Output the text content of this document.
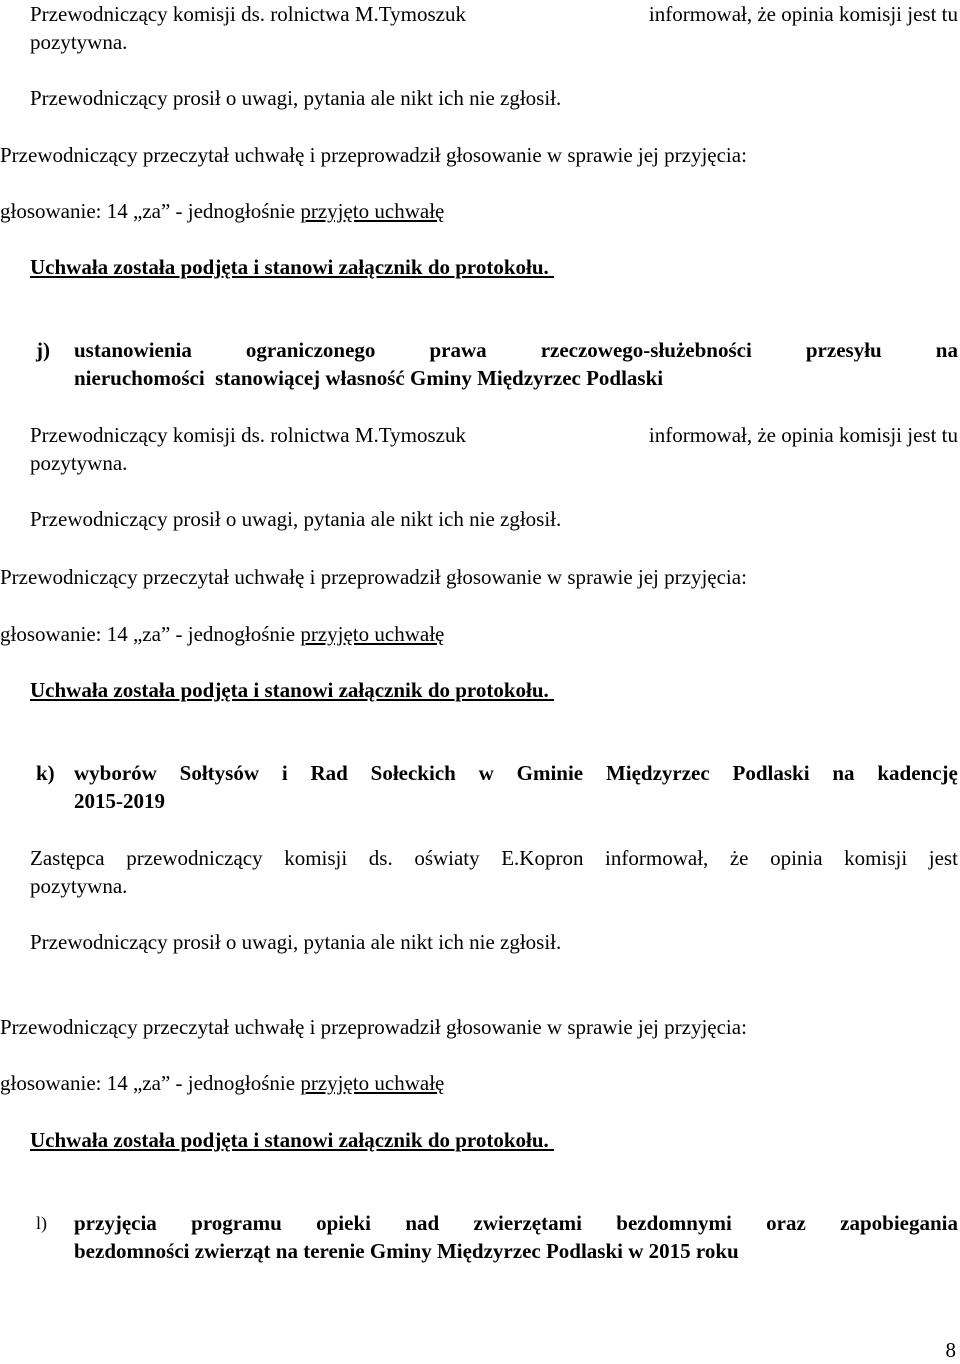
Przewodniczący komisji ds. rolnictwa M.Tymoszuk	informował, że opinia komisji jest tu
pozytywna.
Przewodniczący prosił o uwagi, pytania ale nikt ich nie zgłosił.
Przewodniczący przeczytał uchwałę i przeprowadził głosowanie w sprawie jej przyjęcia:
głosowanie: 14 „za” - jednogłośnie przyjęto uchwałę
Uchwała została podjęta i stanowi załącznik do protokołu.
j)	ustanowienia	ograniczonego	prawa	rzeczowego-służebności	przesyłu	na
nieruchomości  stanowiącej własność Gminy Międzyrzec Podlaski
Przewodniczący komisji ds. rolnictwa M.Tymoszuk	informował, że opinia komisji jest tu
pozytywna.
Przewodniczący prosił o uwagi, pytania ale nikt ich nie zgłosił.
Przewodniczący przeczytał uchwałę i przeprowadził głosowanie w sprawie jej przyjęcia:
głosowanie: 14 „za” - jednogłośnie przyjęto uchwałę
Uchwała została podjęta i stanowi załącznik do protokołu.
k) wyborów Sołtysów i Rad Sołeckich w Gminie Międzyrzec Podlaski na kadencję
2015-2019
Zastępca przewodniczący komisji ds. oświaty E.Kopron informował, że opinia komisji jest
pozytywna.
Przewodniczący prosił o uwagi, pytania ale nikt ich nie zgłosił.
Przewodniczący przeczytał uchwałę i przeprowadził głosowanie w sprawie jej przyjęcia:
głosowanie: 14 „za” - jednogłośnie przyjęto uchwałę
Uchwała została podjęta i stanowi załącznik do protokołu.
l)	przyjęcia programu opieki nad zwierzętami bezdomnymi oraz zapobiegania
bezdomności zwierząt na terenie Gminy Międzyrzec Podlaski w 2015 roku
8
